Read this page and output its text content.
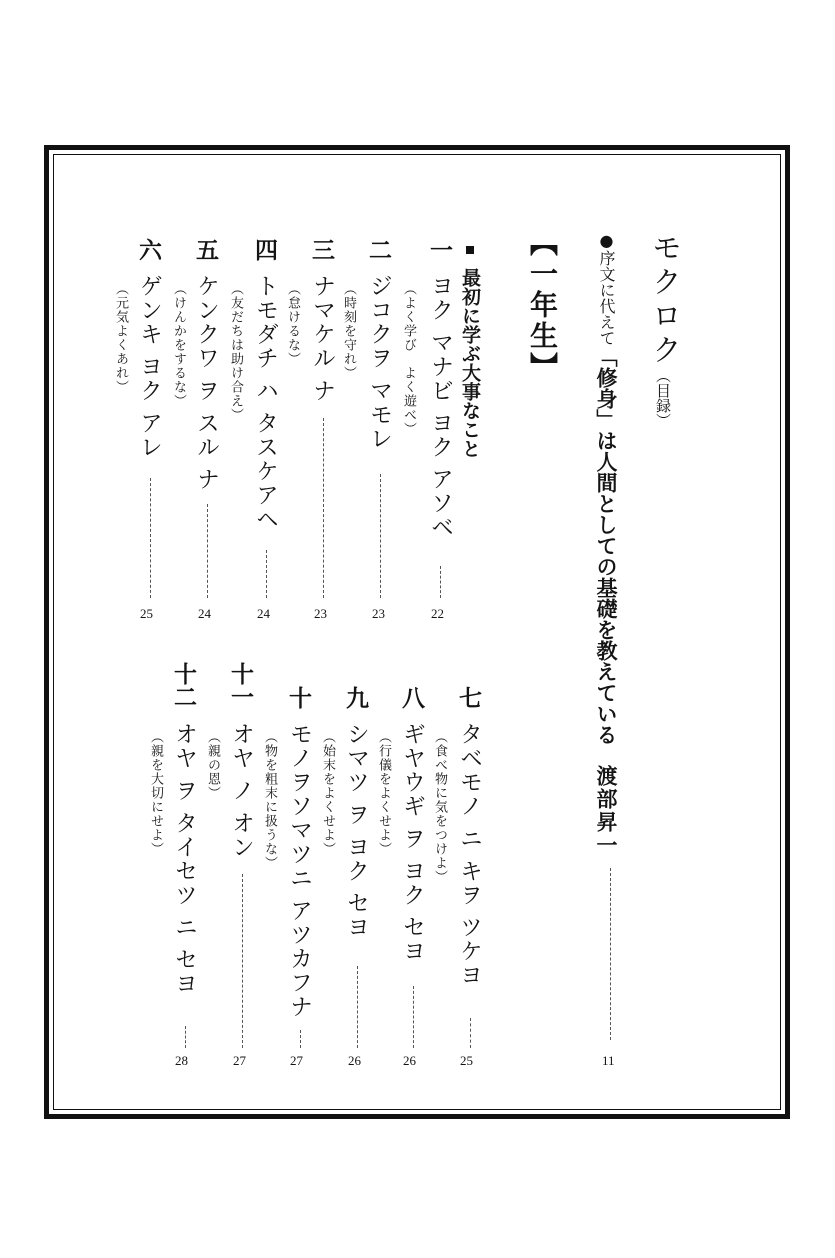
モクロク（目録）
●序文に代えて「修身」は人間としての基礎を教えている渡部昇一
11
【一年生】
最初に学ぶ大事なこと
一
ヨク マナビ ヨク アソベ
（よく学び　よく遊べ）
22
二
ジコクヲ マモレ
（時刻を守れ）
23
三
ナマケル ナ
（怠けるな）
23
四
トモダチ ハ タスケアヘ
（友だちは助け合え）
24
五
ケンクワ ヲ スル ナ
（けんかをするな）
24
六
ゲンキ ヨク アレ
（元気よくあれ）
25
七
タベモノ ニ キヲ ツケヨ
（食べ物に気をつけよ）
25
八
ギヤウギ ヲ ヨク セヨ
（行儀をよくせよ）
26
九
シマツ ヲ ヨク セヨ
（始末をよくせよ）
26
十
モノヲソマツニ アツカフナ
（物を粗末に扱うな）
27
十一
オヤ ノ オン
（親の恩）
27
十二
オヤ ヲ タイセツ ニ セヨ
（親を大切にせよ）
28
